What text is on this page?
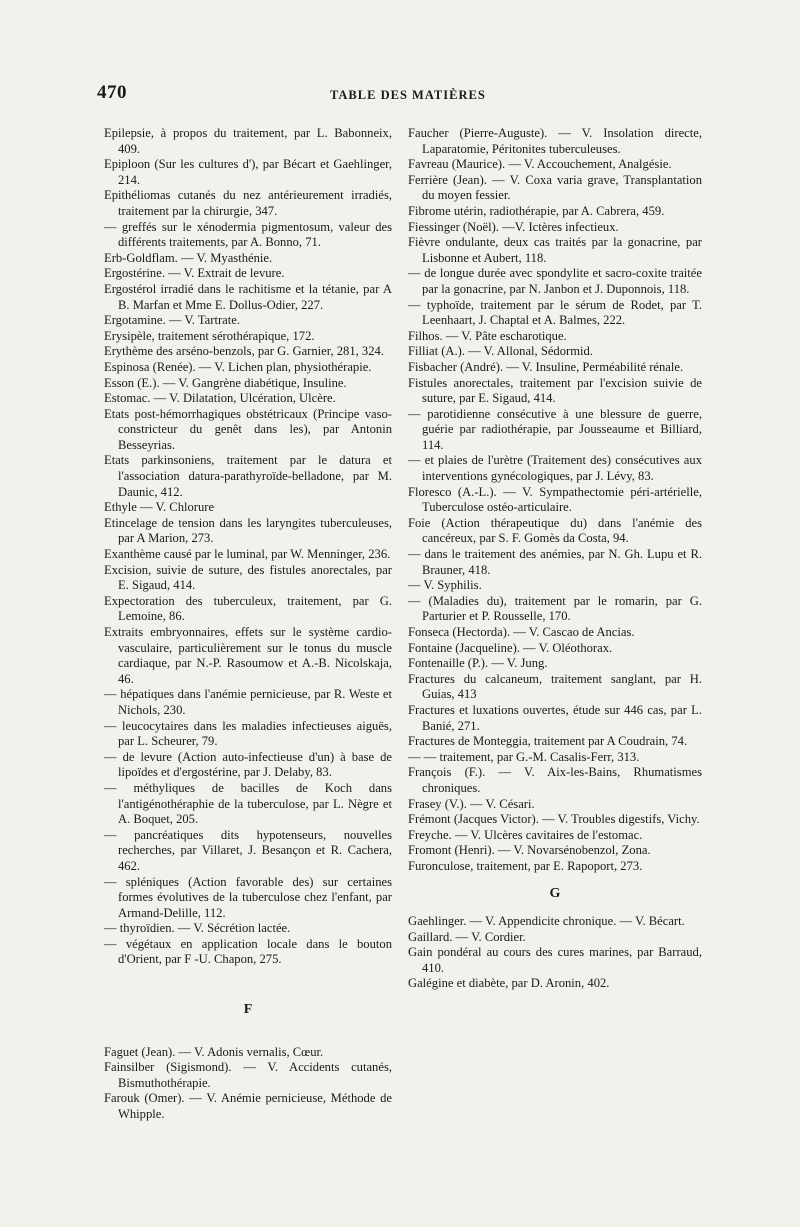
470	TABLE DES MATIÈRES

Epilepsie, à propos du traitement, par L. Babonneix, 409.

Epiploon (Sur les cultures d'), par Bécart et Gaehlinger, 214.

Epithéliomas cutanés du nez antérieurement irradiés, traitement par la chirurgie, 347.

— greffés sur le xénodermia pigmentosum, valeur des différents traitements, par A. Bonno, 71.

Erb-Goldflam. — V. Myasthénie.

Ergostérine. — V. Extrait de levure.

Ergostérol irradié dans le rachitisme et la tétanie, par A B. Marfan et Mme E. Dollus-Odier, 227.

Ergotamine. — V. Tartrate.

Erysipèle, traitement sérothérapique, 172.

Erythème des arséno-benzols, par G. Garnier, 281, 324.

Espinosa (Renée). — V. Lichen plan, physiothérapie.

Esson (E.). — V. Gangrène diabétique, Insuline.

Estomac. — V. Dilatation, Ulcération, Ulcère.

Etats post-hémorrhagiques obstétricaux (Principe vaso-constricteur du genêt dans les), par Antonin Besseyrias.

Etats parkinsoniens, traitement par le datura et l'association datura-parathyroïde-belladone, par M. Daunic, 412.

Ethyle — V. Chlorure

Etincelage de tension dans les laryngites tuberculeuses, par A Marion, 273.

Exanthème causé par le luminal, par W. Menninger, 236.

Excision, suivie de suture, des fistules anorectales, par E. Sigaud, 414.

Expectoration des tuberculeux, traitement, par G. Lemoine, 86.

Extraits embryonnaires, effets sur le système cardio-vasculaire, particulièrement sur le tonus du muscle cardiaque, par N.-P. Rasoumow et A.-B. Nicolskaja, 46.

— hépatiques dans l'anémie pernicieuse, par R. Weste et Nichols, 230.

— leucocytaires dans les maladies infectieuses aiguës, par L. Scheurer, 79.

— de levure (Action auto-infectieuse d'un) à base de lipoïdes et d'ergostérine, par J. Delaby, 83.

— méthyliques de bacilles de Koch dans l'antigénothéraphie de la tuberculose, par L. Nègre et A. Boquet, 205.

— pancréatiques dits hypotenseurs, nouvelles recherches, par Villaret, J. Besançon et R. Cachera, 462.

— spléniques (Action favorable des) sur certaines formes évolutives de la tuberculose chez l'enfant, par Armand-Delille, 112.

— thyroïdien. — V. Sécrétion lactée.

— végétaux en application locale dans le bouton d'Orient, par F -U. Chapon, 275.

F

Faguet (Jean). — V. Adonis vernalis, Cœur.

Fainsilber (Sigismond). — V. Accidents cutanés, Bismuthothérapie.

Farouk (Omer). — V. Anémie pernicieuse, Méthode de Whipple.

Faucher (Pierre-Auguste). — V. Insolation directe, Laparatomie, Péritonites tuberculeuses.

Favreau (Maurice). — V. Accouchement, Analgésie.

Ferrière (Jean). — V. Coxa varia grave, Transplantation du moyen fessier.

Fibrome utérin, radiothérapie, par A. Cabrera, 459.

Fiessinger (Noël). —V. Ictères infectieux.

Fièvre ondulante, deux cas traités par la gonacrine, par Lisbonne et Aubert, 118.

— de longue durée avec spondylite et sacro-coxite traitée par la gonacrine, par N. Janbon et J. Duponnois, 118.

— typhoïde, traitement par le sérum de Rodet, par T. Leenhaart, J. Chaptal et A. Balmes, 222.

Filhos. — V. Pâte escharotique.

Filliat (A.). — V. Allonal, Sédormid.

Fisbacher (André). — V. Insuline, Perméabilité rénale.

Fistules anorectales, traitement par l'excision suivie de suture, par E. Sigaud, 414.

— parotidienne consécutive à une blessure de guerre, guérie par radiothérapie, par Jousseaume et Billiard, 114.

— et plaies de l'urètre (Traitement des) consécutives aux interventions gynécologiques, par J. Lévy, 83.

Floresco (A.-L.). — V. Sympathectomie péri-artérielle, Tuberculose ostéo-articulaire.

Foie (Action thérapeutique du) dans l'anémie des cancéreux, par S. F. Gomès da Costa, 94.

— dans le traitement des anémies, par N. Gh. Lupu et R. Brauner, 418.

— V. Syphilis.

— (Maladies du), traitement par le romarin, par G. Parturier et P. Rousselle, 170.

Fonseca (Hectorda). — V. Cascao de Ancias.

Fontaine (Jacqueline). — V. Oléothorax.

Fontenaille (P.). — V. Jung.

Fractures du calcaneum, traitement sanglant, par H. Guias, 413

Fractures et luxations ouvertes, étude sur 446 cas, par L. Banié, 271.

Fractures de Monteggia, traitement par A Coudrain, 74.

— — traitement, par G.-M. Casalis-Ferr, 313.

François (F.). — V. Aix-les-Bains, Rhumatismes chroniques.

Frasey (V.). — V. Césari.

Frémont (Jacques Victor). — V. Troubles digestifs, Vichy.

Freyche. — V. Ulcères cavitaires de l'estomac.

Fromont (Henri). — V. Novarsénobenzol, Zona.

Furonculose, traitement, par E. Rapoport, 273.

G

Gaehlinger. — V. Appendicite chronique. — V. Bécart.

Gaillard. — V. Cordier.

Gain pondéral au cours des cures marines, par Barraud, 410.

Galégine et diabète, par D. Aronin, 402.
